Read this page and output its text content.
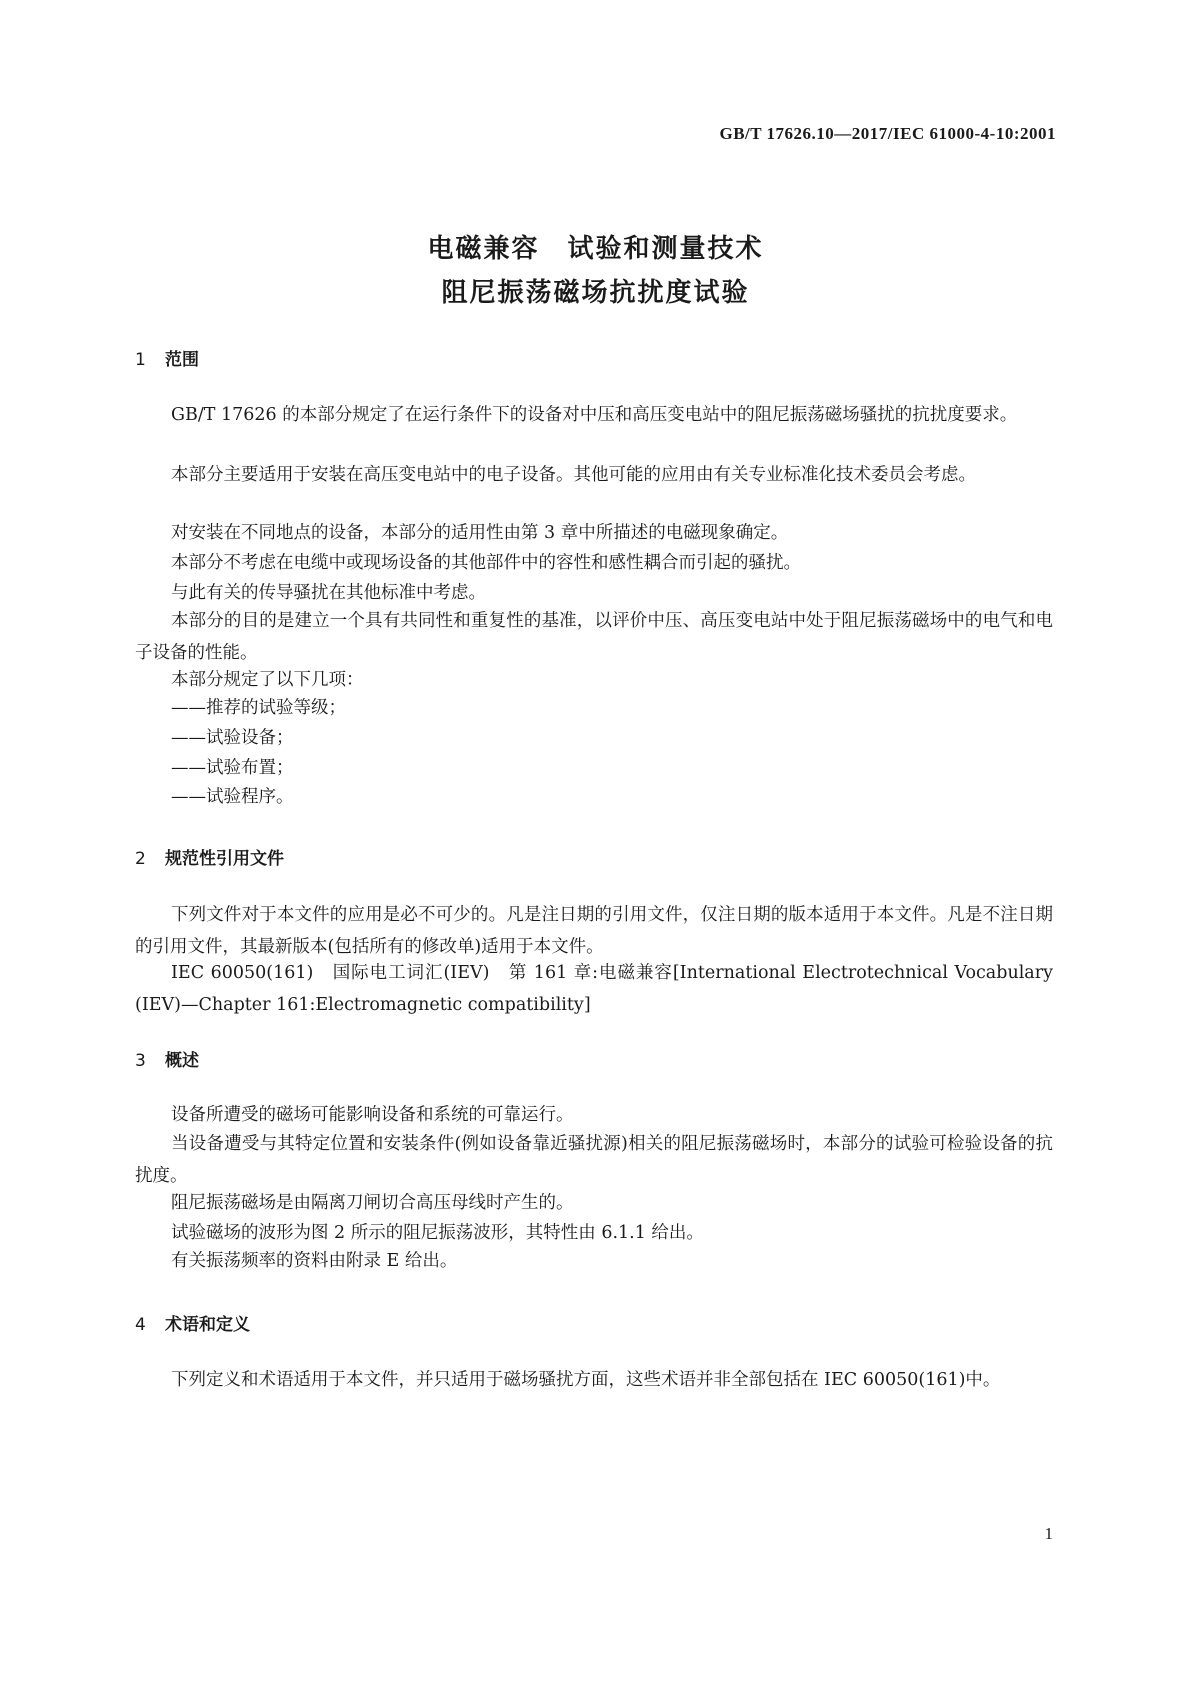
GB/T 17626.10—2017/IEC 61000-4-10:2001
电磁兼容 试验和测量技术
阻尼振荡磁场抗扰度试验
1 范围
GB/T 17626 的本部分规定了在运行条件下的设备对中压和高压变电站中的阻尼振荡磁场骚扰的抗扰度要求。
本部分主要适用于安装在高压变电站中的电子设备。其他可能的应用由有关专业标准化技术委员会考虑。
对安装在不同地点的设备，本部分的适用性由第 3 章中所描述的电磁现象确定。
本部分不考虑在电缆中或现场设备的其他部件中的容性和感性耦合而引起的骚扰。
与此有关的传导骚扰在其他标准中考虑。
本部分的目的是建立一个具有共同性和重复性的基准，以评价中压、高压变电站中处于阻尼振荡磁场中的电气和电子设备的性能。
本部分规定了以下几项：
——推荐的试验等级；
——试验设备；
——试验布置；
——试验程序。
2 规范性引用文件
下列文件对于本文件的应用是必不可少的。凡是注日期的引用文件，仅注日期的版本适用于本文件。凡是不注日期的引用文件，其最新版本(包括所有的修改单)适用于本文件。
IEC 60050(161)　国际电工词汇(IEV)　第 161 章:电磁兼容[International Electrotechnical Vocabulary (IEV)—Chapter 161:Electromagnetic compatibility]
3 概述
设备所遭受的磁场可能影响设备和系统的可靠运行。
当设备遭受与其特定位置和安装条件(例如设备靠近骚扰源)相关的阻尼振荡磁场时，本部分的试验可检验设备的抗扰度。
阻尼振荡磁场是由隔离刀闸切合高压母线时产生的。
试验磁场的波形为图 2 所示的阻尼振荡波形，其特性由 6.1.1 给出。
有关振荡频率的资料由附录 E 给出。
4 术语和定义
下列定义和术语适用于本文件，并只适用于磁场骚扰方面，这些术语并非全部包括在 IEC 60050(161)中。
1
